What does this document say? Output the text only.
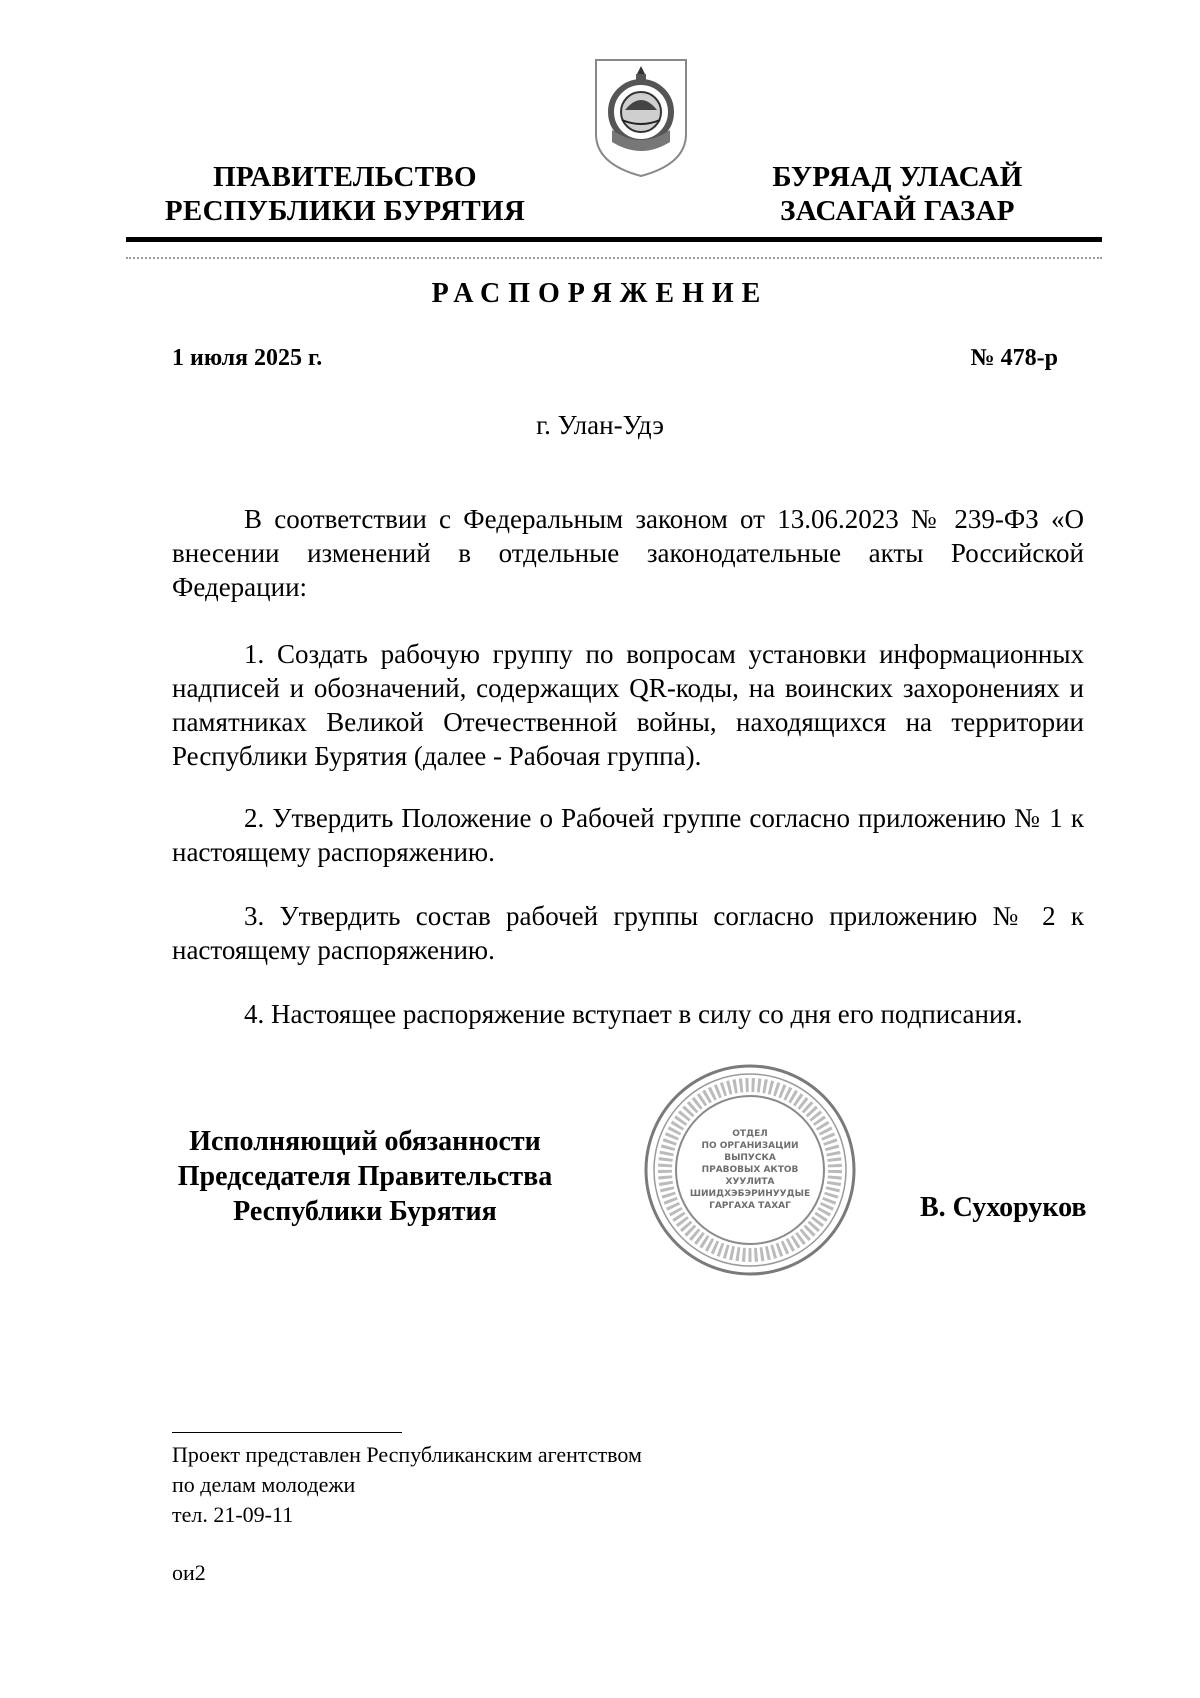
ПРАВИТЕЛЬСТВО
РЕСПУБЛИКИ БУРЯТИЯ
БУРЯАД УЛАСАЙ
ЗАСАГАЙ ГАЗАР
РАСПОРЯЖЕНИЕ
1 июля 2025 г.	№ 478-р
г. Улан-Удэ

В соответствии с Федеральным законом от 13.06.2023 № 239-ФЗ «О внесении изменений в отдельные законодательные акты Российской Федерации:

1. Создать рабочую группу по вопросам установки информационных надписей и обозначений, содержащих QR-коды, на воинских захоронениях и памятниках Великой Отечественной войны, находящихся на территории Республики Бурятия (далее - Рабочая группа).

2. Утвердить Положение о Рабочей группе согласно приложению № 1 к настоящему распоряжению.

3. Утвердить состав рабочей группы согласно приложению № 2 к настоящему распоряжению.

4. Настоящее распоряжение вступает в силу со дня его подписания.

Исполняющий обязанности
Председателя Правительства
Республики Бурятия
ОТДЕЛ
ПО ОРГАНИЗАЦИИ
ВЫПУСКА
ПРАВОВЫХ АКТОВ
ХУУЛИТА
ШИИДХЭБЭРИНУУДЫЕ
ГАРГАХА ТАХАГ	В. Сухоруков
Проект представлен Республиканским агентством
по делам молодежи
тел. 21-09-11
ои2
